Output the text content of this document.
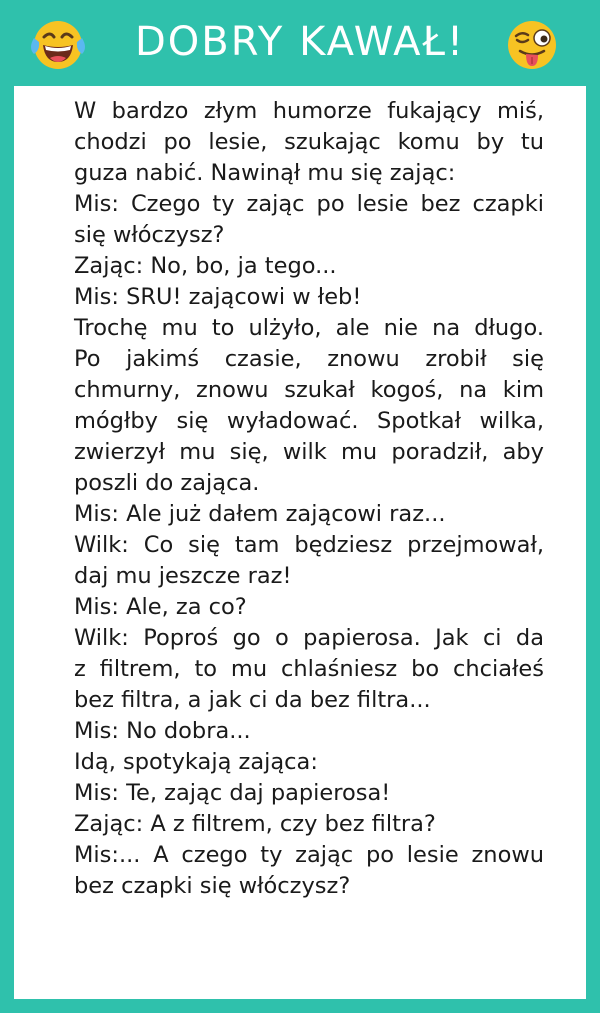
DOBRY KAWAŁ!
W bardzo złym humorze fukający miś,
chodzi po lesie, szukając komu by tu
guza nabić. Nawinął mu się zając:
Mis: Czego ty zając po lesie bez czapki
się włóczysz?
Zając: No, bo, ja tego...
Mis: SRU! zającowi w łeb!
Trochę mu to ulżyło, ale nie na długo.
Po jakimś czasie, znowu zrobił się
chmurny, znowu szukał kogoś, na kim
mógłby się wyładować. Spotkał wilka,
zwierzył mu się, wilk mu poradził, aby
poszli do zająca.
Mis: Ale już dałem zającowi raz...
Wilk: Co się tam będziesz przejmował,
daj mu jeszcze raz!
Mis: Ale, za co?
Wilk: Poproś go o papierosa. Jak ci da
z filtrem, to mu chlaśniesz bo chciałeś
bez filtra, a jak ci da bez filtra...
Mis: No dobra...
Idą, spotykają zająca:
Mis: Te, zając daj papierosa!
Zając: A z filtrem, czy bez filtra?
Mis:... A czego ty zając po lesie znowu
bez czapki się włóczysz?
